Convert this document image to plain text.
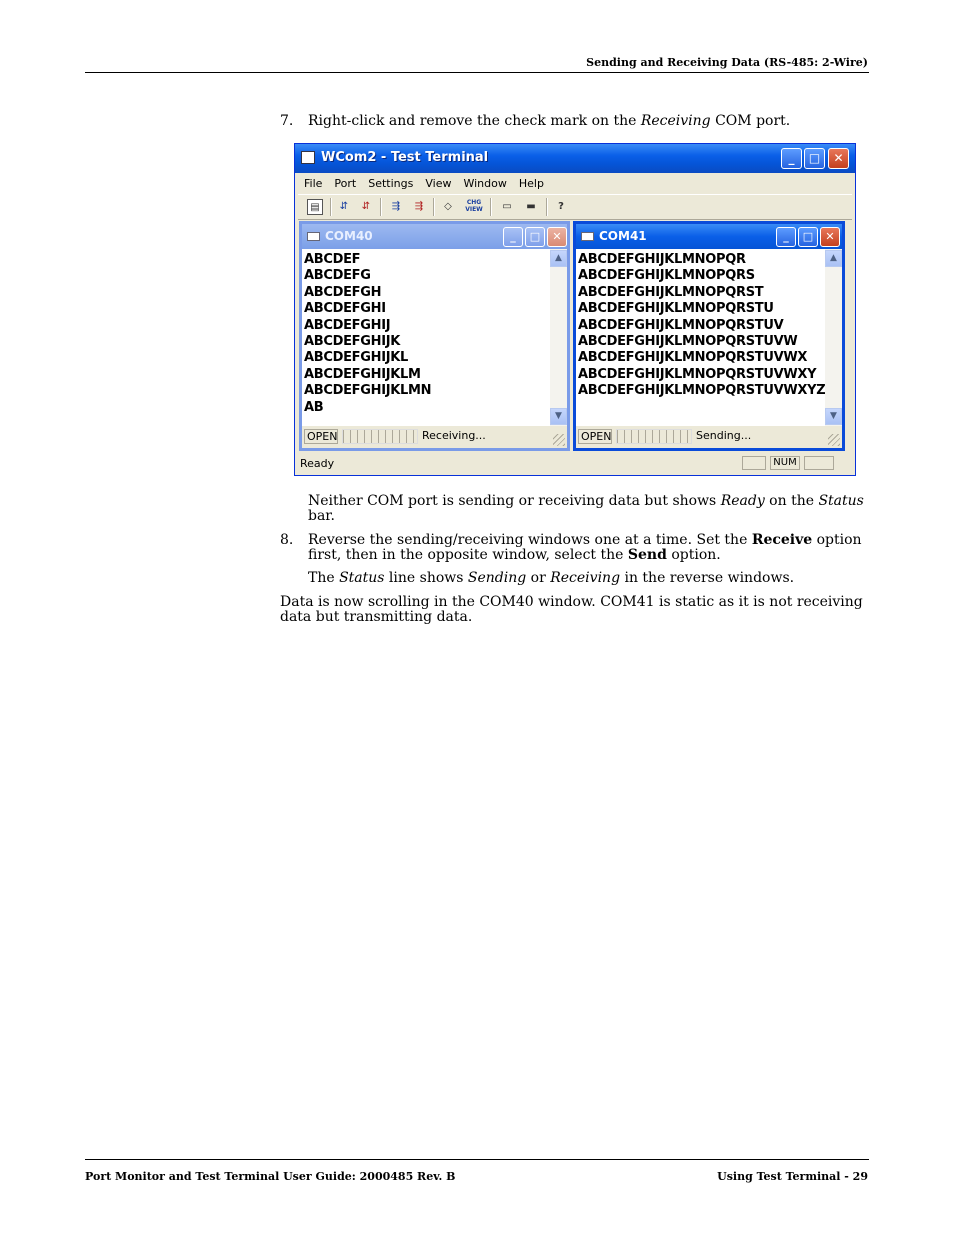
Sending and Receiving Data (RS-485: 2-Wire)
7. Right-click and remove the check mark on the Receiving COM port.
WCom2 - Test Terminal	_	□	✕
File Port Settings View Window Help
▤	⇵	⇵	⇶	⇶	◇	CHG VIEW	▭	▬	?
COM40	_	□	✕
ABCDEF
ABCDEFG
ABCDEFGH
ABCDEFGHI
ABCDEFGHIJ
ABCDEFGHIJK
ABCDEFGHIJKL
ABCDEFGHIJKLM
ABCDEFGHIJKLMN
AB
▲
▼
OPEN	Receiving...
COM41	_	□	✕
ABCDEFGHIJKLMNOPQR
ABCDEFGHIJKLMNOPQRS
ABCDEFGHIJKLMNOPQRST
ABCDEFGHIJKLMNOPQRSTU
ABCDEFGHIJKLMNOPQRSTUV
ABCDEFGHIJKLMNOPQRSTUVW
ABCDEFGHIJKLMNOPQRSTUVWX
ABCDEFGHIJKLMNOPQRSTUVWXY
ABCDEFGHIJKLMNOPQRSTUVWXYZ
▲
▼
OPEN	Sending...
Ready	NUM
Neither COM port is sending or receiving data but shows Ready on the Status
bar.
8. Reverse the sending/receiving windows one at a time. Set the Receive option
first, then in the opposite window, select the Send option.
The Status line shows Sending or Receiving in the reverse windows.
Data is now scrolling in the COM40 window. COM41 is static as it is not receiving
data but transmitting data.
Port Monitor and Test Terminal User Guide: 2000485 Rev. B	Using Test Terminal - 29
